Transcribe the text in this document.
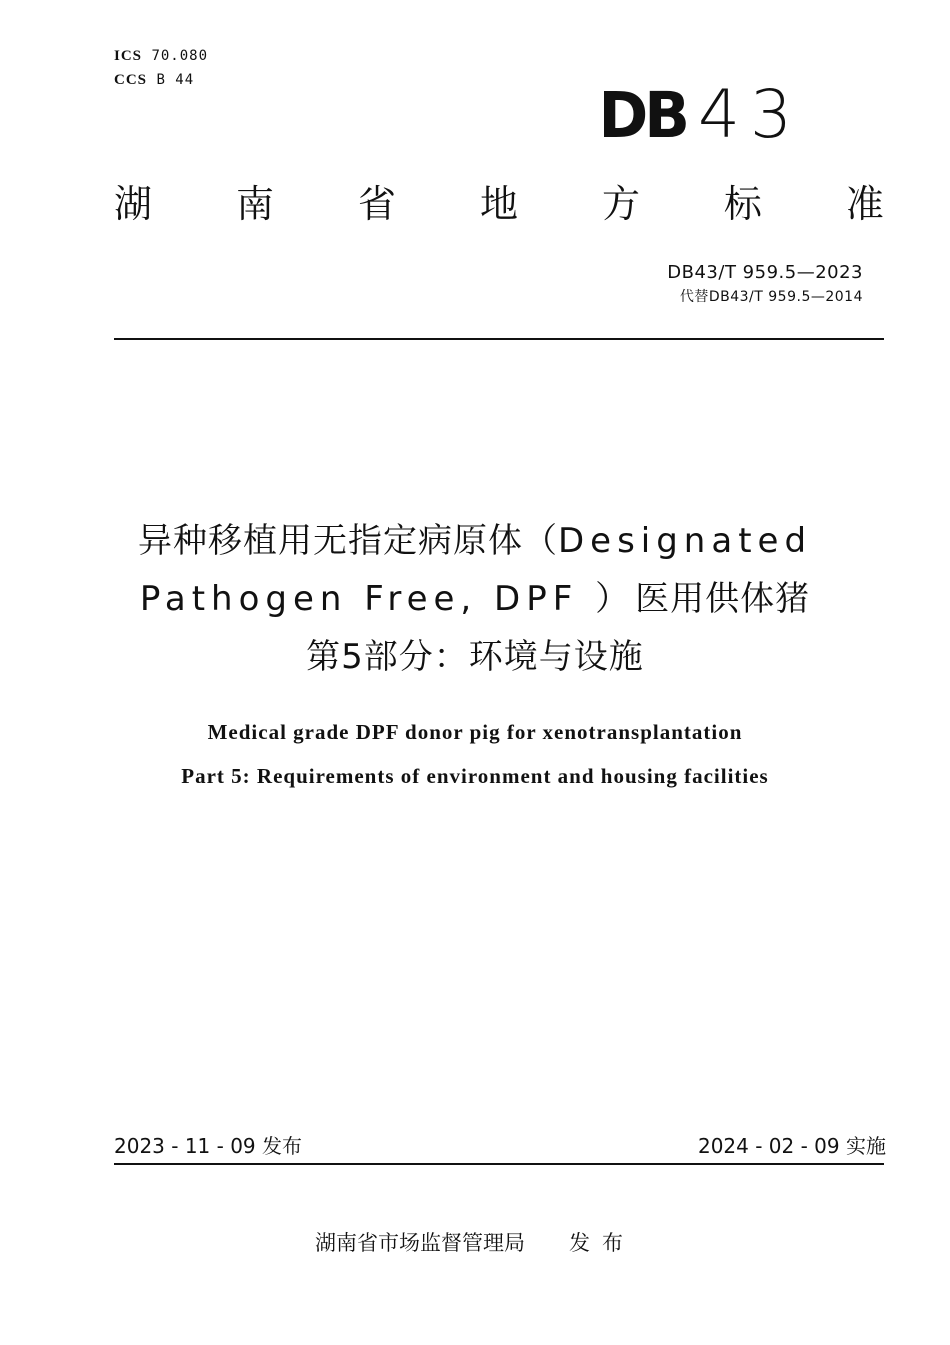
ICS 70.080
CCS B 44	DB 43
湖 南 省 地 方 标 准
DB43/T 959.5—2023
代替DB43/T 959.5—2014
异种移植用无指定病原体（Designated
Pathogen Free, DPF ）医用供体猪
第5部分：环境与设施
Medical grade DPF donor pig for xenotransplantation
Part 5: Requirements of environment and housing facilities
2023 - 11 - 09 发布	2024 - 02 - 09 实施
湖南省市场监督管理局 发布
